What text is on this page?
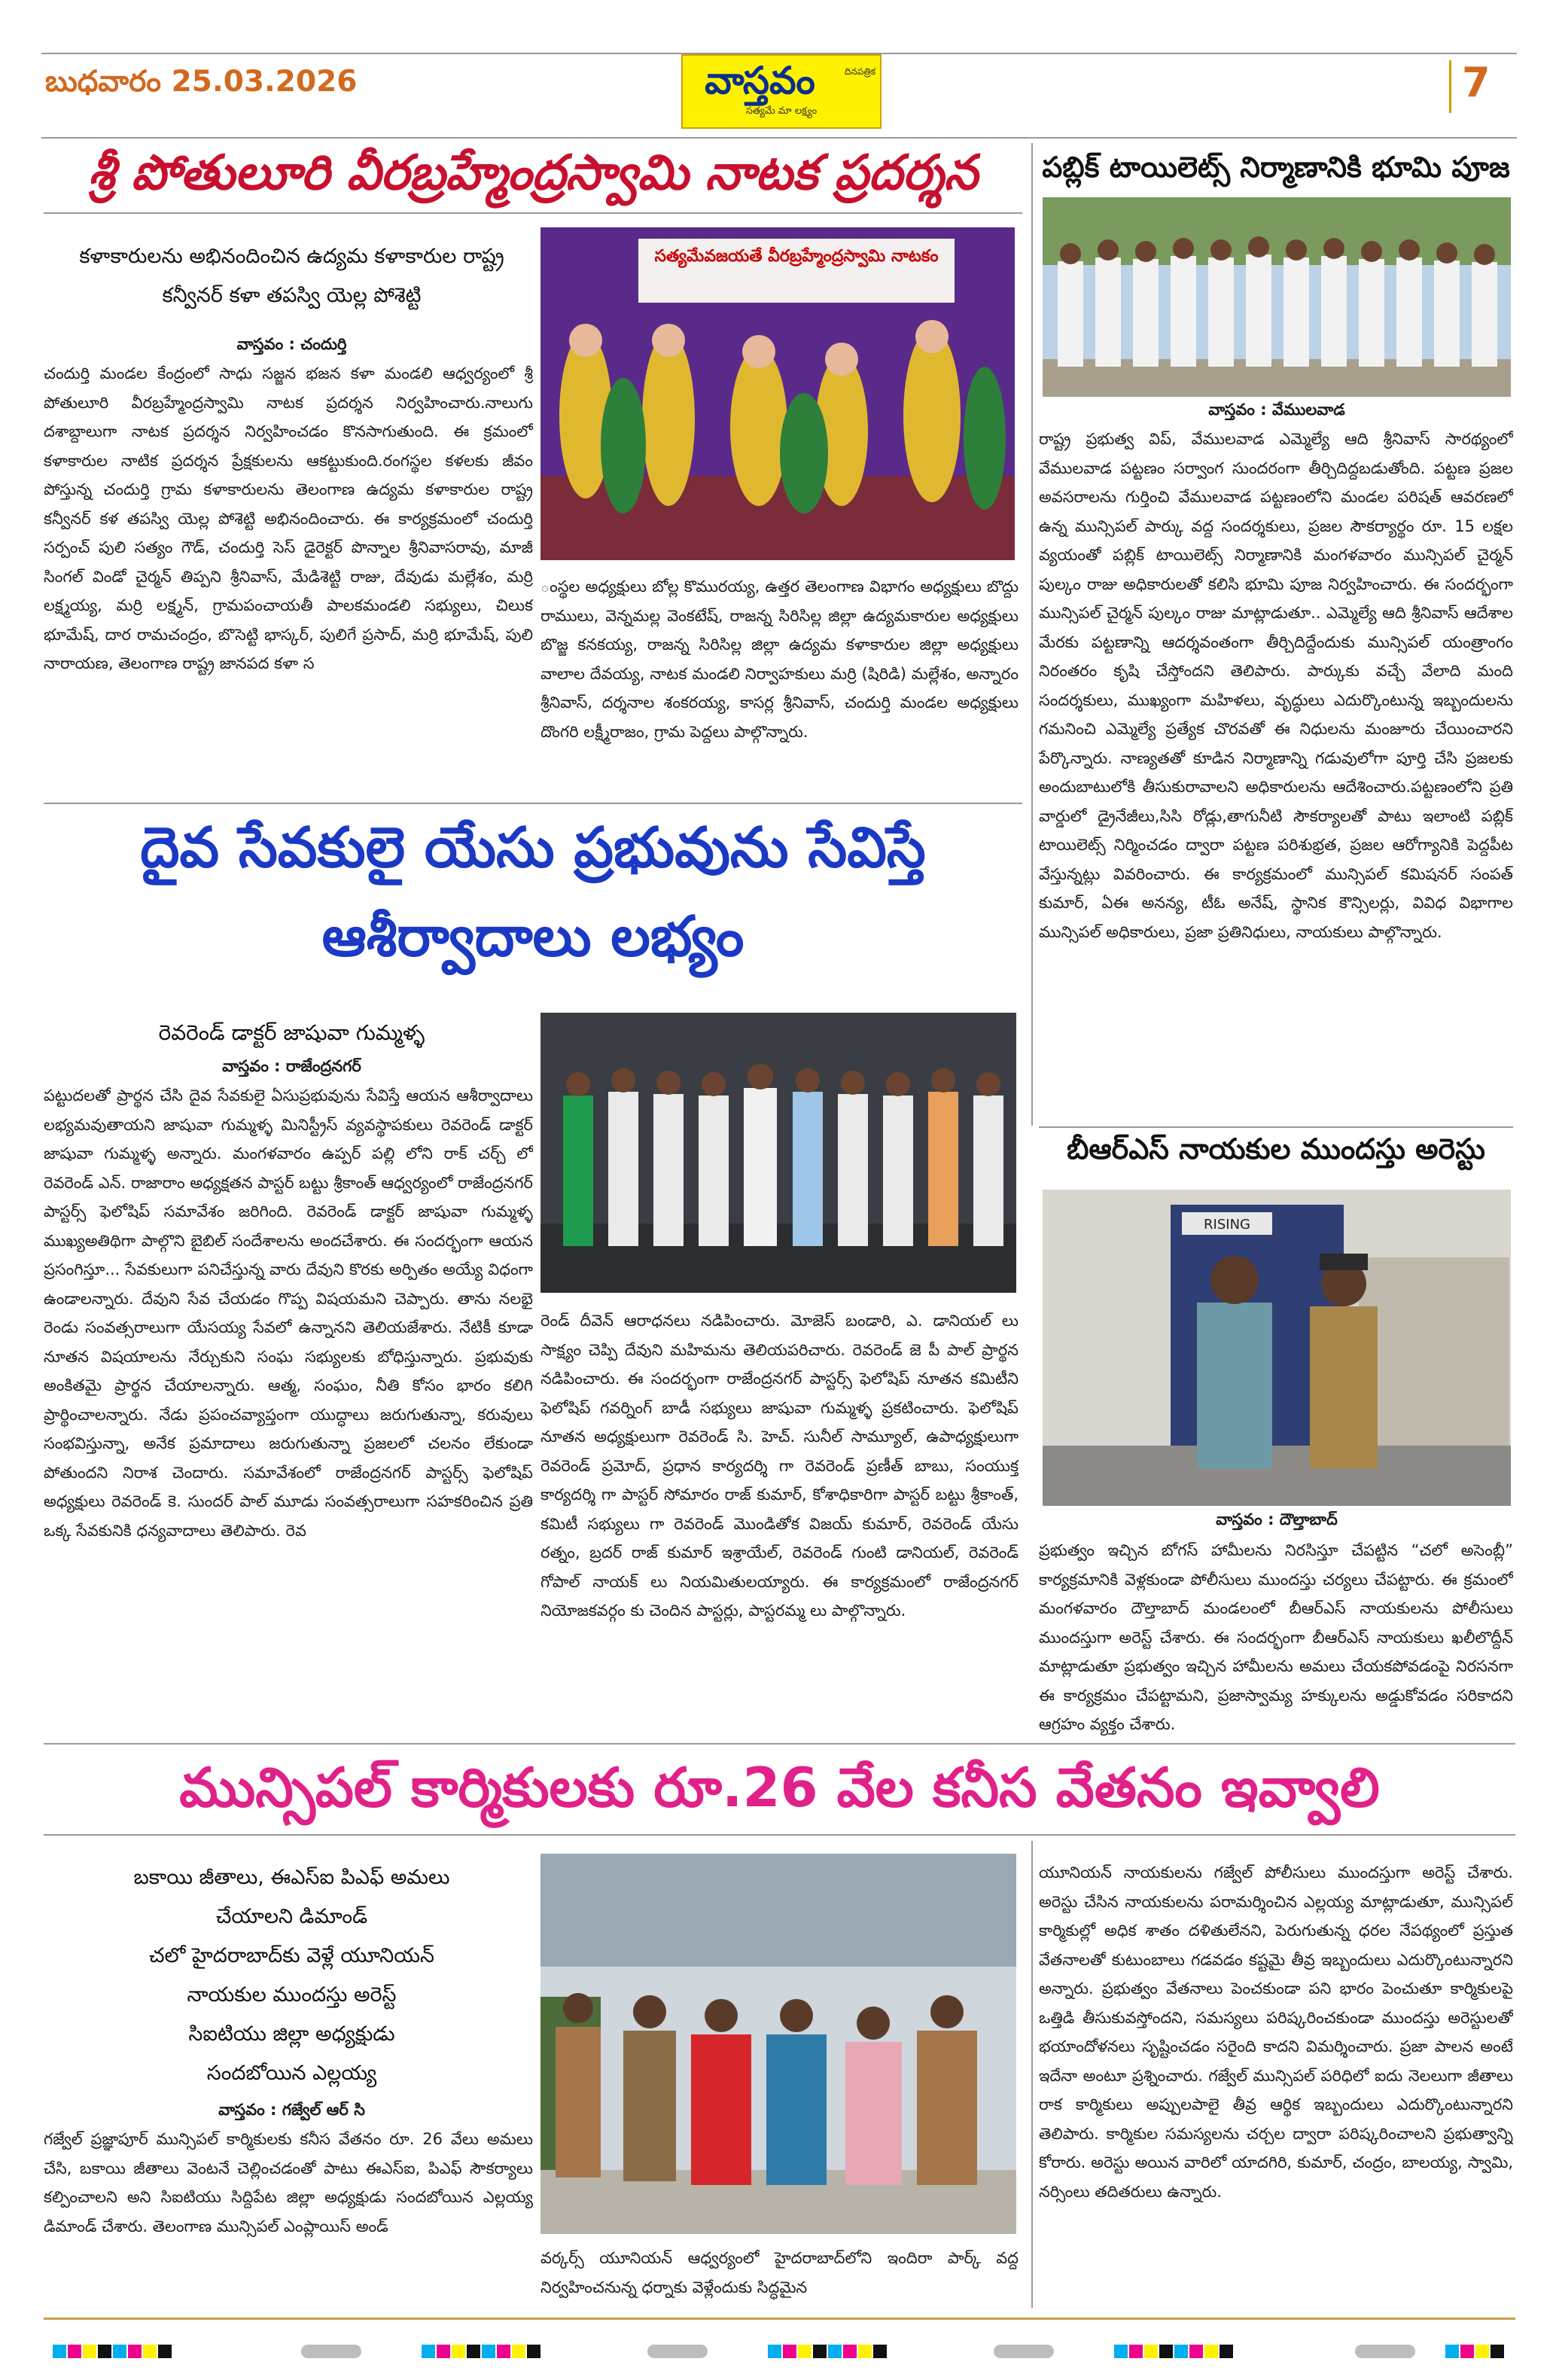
బుధవారం 25.03.2026	వాస్తవం	దినపత్రిక
సత్యమే మా లక్ష్యం
7
శ్రీ పోతులూరి వీరబ్రహ్మేంద్రస్వామి నాటక ప్రదర్శన
కళాకారులను అభినందించిన ఉద్యమ కళాకారుల రాష్ట్ర కన్వీనర్ కళా తపస్వి యెల్ల పోశెట్టి
వాస్తవం : చందుర్తి
చందుర్తి మండల కేంద్రంలో సాధు సజ్జన భజన కళా మండలి ఆధ్వర్యంలో శ్రీ పోతులూరి వీరబ్రహ్మేంద్రస్వామి నాటక ప్రదర్శన నిర్వహించారు.నాలుగు దశాబ్దాలుగా నాటక ప్రదర్శన నిర్వహించడం కొనసాగుతుంది. ఈ క్రమంలో కళాకారుల నాటిక ప్రదర్శన ప్రేక్షకులను ఆకట్టుకుంది.రంగస్థల కళలకు జీవం పోస్తున్న చందుర్తి గ్రామ కళాకారులను తెలంగాణ ఉద్యమ కళాకారుల రాష్ట్ర కన్వీనర్ కళ తపస్వి యెల్ల పోశెట్టి అభినందించారు. ఈ కార్యక్రమంలో చందుర్తి సర్పంచ్ పులి సత్యం గౌడ్, చందుర్తి సెస్ డైరెక్టర్ పొన్నాల శ్రీనివాసరావు, మాజీ సింగల్ విండో చైర్మన్ తిప్పని శ్రీనివాస్, మేడిశెట్టి రాజు, దేవుడు మల్లేశం, మర్రి లక్ష్మయ్య, మర్రి లక్ష్మన్, గ్రామపంచాయతీ పాలకమండలి సభ్యులు, చిలుక భూమేష్, దార రామచంద్రం, బొసెట్టి భాస్కర్, పులిగే ప్రసాద్, మర్రి భూమేష్, పులి నారాయణ, తెలంగాణ రాష్ట్ర జానపద కళా స
సత్యమేవజయతే వీరబ్రహ్మేంద్రస్వామి నాటకం
ంస్థల అధ్యక్షులు బోల్ల కొమురయ్య, ఉత్తర తెలంగాణ విభాగం అధ్యక్షులు బొద్దు రాములు, వెన్నమల్ల వెంకటేష్, రాజన్న సిరిసిల్ల జిల్లా ఉద్యమకారుల అధ్యక్షులు బొజ్జ కనకయ్య, రాజన్న సిరిసిల్ల జిల్లా ఉద్యమ కళాకారుల జిల్లా అధ్యక్షులు వాలాల దేవయ్య, నాటక మండలి నిర్వాహకులు మర్రి (షిరిడి) మల్లేశం, అన్నారం శ్రీనివాస్, దర్శనాల శంకరయ్య, కాసర్ల శ్రీనివాస్, చందుర్తి మండల అధ్యక్షులు దొంగరి లక్ష్మీరాజం, గ్రామ పెద్దలు పాల్గొన్నారు.
పబ్లిక్ టాయిలెట్స్ నిర్మాణానికి భూమి పూజ
వాస్తవం : వేములవాడ
రాష్ట్ర ప్రభుత్వ విప్, వేములవాడ ఎమ్మెల్యే ఆది శ్రీనివాస్ సారథ్యంలో వేములవాడ పట్టణం సర్వాంగ సుందరంగా తీర్చిదిద్దబడుతోంది. పట్టణ ప్రజల అవసరాలను గుర్తించి వేములవాడ పట్టణంలోని మండల పరిషత్ ఆవరణలో ఉన్న మున్సిపల్ పార్కు వద్ద సందర్శకులు, ప్రజల సౌకర్యార్థం రూ. 15 లక్షల వ్యయంతో పబ్లిక్ టాయిలెట్స్ నిర్మాణానికి మంగళవారం మున్సిపల్ చైర్మన్ పుల్కం రాజు అధికారులతో కలిసి భూమి పూజ నిర్వహించారు. ఈ సందర్భంగా మున్సిపల్ చైర్మన్ పుల్కం రాజు మాట్లాడుతూ.. ఎమ్మెల్యే ఆది శ్రీనివాస్ ఆదేశాల మేరకు పట్టణాన్ని ఆదర్శవంతంగా తీర్చిదిద్దేందుకు మున్సిపల్ యంత్రాంగం నిరంతరం కృషి చేస్తోందని తెలిపారు. పార్కుకు వచ్చే వేలాది మంది సందర్శకులు, ముఖ్యంగా మహిళలు, వృద్ధులు ఎదుర్కొంటున్న ఇబ్బందులను గమనించి ఎమ్మెల్యే ప్రత్యేక చొరవతో ఈ నిధులను మంజూరు చేయించారని పేర్కొన్నారు. నాణ్యతతో కూడిన నిర్మాణాన్ని గడువులోగా పూర్తి చేసి ప్రజలకు అందుబాటులోకి తీసుకురావాలని అధికారులను ఆదేశించారు.పట్టణంలోని ప్రతి వార్డులో డ్రైనేజీలు,సిసి రోడ్లు,తాగునీటి సౌకర్యాలతో పాటు ఇలాంటి పబ్లిక్ టాయిలెట్స్ నిర్మించడం ద్వారా పట్టణ పరిశుభ్రత, ప్రజల ఆరోగ్యానికి పెద్దపీట వేస్తున్నట్లు వివరించారు. ఈ కార్యక్రమంలో మున్సిపల్ కమిషనర్ సంపత్ కుమార్, ఏఈ అనన్య, టీఓ అనేష్, స్థానిక కౌన్సిలర్లు, వివిధ విభాగాల మున్సిపల్ అధికారులు, ప్రజా ప్రతినిధులు, నాయకులు పాల్గొన్నారు.
బీఆర్ఎస్ నాయకుల ముందస్తు అరెస్టు
RISING
వాస్తవం : దౌల్తాబాద్
ప్రభుత్వం ఇచ్చిన బోగస్ హామీలను నిరసిస్తూ చేపట్టిన “చలో అసెంబ్లీ” కార్యక్రమానికి వెళ్లకుండా పోలీసులు ముందస్తు చర్యలు చేపట్టారు. ఈ క్రమంలో మంగళవారం దౌల్తాబాద్ మండలంలో బీఆర్ఎస్ నాయకులను పోలీసులు ముందస్తుగా అరెస్ట్ చేశారు. ఈ సందర్భంగా బీఆర్ఎస్ నాయకులు ఖలీలొద్దీన్ మాట్లాడుతూ ప్రభుత్వం ఇచ్చిన హామీలను అమలు చేయకపోవడంపై నిరసనగా ఈ కార్యక్రమం చేపట్టామని, ప్రజాస్వామ్య హక్కులను అడ్డుకోవడం సరికాదని ఆగ్రహం వ్యక్తం చేశారు.
దైవ సేవకులై యేసు ప్రభువును సేవిస్తే
ఆశీర్వాదాలు లభ్యం
రెవరెండ్ డాక్టర్ జాషువా గుమ్మళ్ళ
వాస్తవం : రాజేంద్రనగర్
పట్టుదలతో ప్రార్థన చేసి దైవ సేవకులై ఏసుప్రభువును సేవిస్తే ఆయన ఆశీర్వాదాలు లభ్యమవుతాయని జాషువా గుమ్మళ్ళ మినిస్ట్రీస్ వ్యవస్థాపకులు రెవరెండ్ డాక్టర్ జాషువా గుమ్మళ్ళ అన్నారు. మంగళవారం ఉప్పర్ పల్లి లోని రాక్ చర్చ్ లో రెవరెండ్ ఎన్. రాజారాం అధ్యక్షతన పాస్టర్ బట్టు శ్రీకాంత్ ఆధ్వర్యంలో రాజేంద్రనగర్ పాస్టర్స్ ఫెలోషిప్ సమావేశం జరిగింది. రెవరెండ్ డాక్టర్ జాషువా గుమ్మళ్ళ ముఖ్యఅతిథిగా పాల్గొని బైబిల్ సందేశాలను అందచేశారు. ఈ సందర్భంగా ఆయన ప్రసంగిస్తూ... సేవకులుగా పనిచేస్తున్న వారు దేవుని కొరకు అర్పితం అయ్యే విధంగా ఉండాలన్నారు. దేవుని సేవ చేయడం గొప్ప విషయమని చెప్పారు. తాను నలభై రెండు సంవత్సరాలుగా యేసయ్య సేవలో ఉన్నానని తెలియజేశారు. నేటికీ కూడా నూతన విషయాలను నేర్చుకుని సంఘ సభ్యులకు బోధిస్తున్నారు. ప్రభువుకు అంకితమై ప్రార్థన చేయాలన్నారు. ఆత్మ, సంఘం, నీతి కోసం భారం కలిగి ప్రార్థించాలన్నారు. నేడు ప్రపంచవ్యాప్తంగా యుద్ధాలు జరుగుతున్నా, కరువులు సంభవిస్తున్నా, అనేక ప్రమాదాలు జరుగుతున్నా ప్రజలలో చలనం లేకుండా పోతుందని నిరాశ చెందారు. సమావేశంలో రాజేంద్రనగర్ పాస్టర్స్ ఫెలోషిప్ అధ్యక్షులు రెవరెండ్ కె. సుందర్ పాల్ మూడు సంవత్సరాలుగా సహకరించిన ప్రతి ఒక్క సేవకునికి ధన్యవాదాలు తెలిపారు. రెవ
రెండ్ దీవెన్ ఆరాధనలు నడిపించారు. మోజెస్ బండారి, ఎ. డానియల్ లు సాక్ష్యం చెప్పి దేవుని మహిమను తెలియపరిచారు. రెవరెండ్ జె పీ పాల్ ప్రార్థన నడిపించారు. ఈ సందర్భంగా రాజేంద్రనగర్ పాస్టర్స్ ఫెలోషిప్ నూతన కమిటీని ఫెలోషిప్ గవర్నింగ్ బాడీ సభ్యులు జాషువా గుమ్మళ్ళ ప్రకటించారు. ఫెలోషిప్ నూతన అధ్యక్షులుగా రెవరెండ్ సి. హెచ్. సునీల్ సామ్యూల్, ఉపాధ్యక్షులుగా రెవరెండ్ ప్రమోద్, ప్రధాన కార్యదర్శి గా రెవరెండ్ ప్రణీత్ బాబు, సంయుక్త కార్యదర్శి గా పాస్టర్ సోమారం రాజ్ కుమార్, కోశాధికారిగా పాస్టర్ బట్టు శ్రీకాంత్, కమిటీ సభ్యులు గా రెవరెండ్ మొండితోక విజయ్ కుమార్, రెవరెండ్ యేసు రత్నం, బ్రదర్ రాజ్ కుమార్ ఇశ్రాయేల్, రెవరెండ్ గుంటి డానియల్, రెవరెండ్ గోపాల్ నాయక్ లు నియమితులయ్యారు. ఈ కార్యక్రమంలో రాజేంద్రనగర్ నియోజకవర్గం కు చెందిన పాస్టర్లు, పాస్టరమ్మ లు పాల్గొన్నారు.
మున్సిపల్ కార్మికులకు రూ.26 వేల కనీస వేతనం ఇవ్వాలి
బకాయి జీతాలు, ఈఎస్ఐ పిఎఫ్ అమలు
చేయాలని డిమాండ్
చలో హైదరాబాద్‌కు వెళ్లే యూనియన్
నాయకుల ముందస్తు అరెస్ట్
సిఐటియు జిల్లా అధ్యక్షుడు
సందబోయిన ఎల్లయ్య
వాస్తవం : గజ్వేల్ ఆర్ సి
గజ్వేల్ ప్రజ్ఞాపూర్ మున్సిపల్ కార్మికులకు కనీస వేతనం రూ. 26 వేలు అమలు చేసి, బకాయి జీతాలు వెంటనే చెల్లించడంతో పాటు ఈఎస్ఐ, పిఎఫ్ సౌకర్యాలు కల్పించాలని అని సిఐటియు సిద్దిపేట జిల్లా అధ్యక్షుడు సందబోయిన ఎల్లయ్య డిమాండ్ చేశారు. తెలంగాణ మున్సిపల్ ఎంప్లాయిస్ అండ్
వర్కర్స్ యూనియన్ ఆధ్వర్యంలో హైదరాబాద్‌లోని ఇందిరా పార్క్ వద్ద నిర్వహించనున్న ధర్నాకు వెళ్లేందుకు సిద్ధమైన
యూనియన్ నాయకులను గజ్వేల్ పోలీసులు ముందస్తుగా అరెస్ట్ చేశారు. అరెస్టు చేసిన నాయకులను పరామర్శించిన ఎల్లయ్య మాట్లాడుతూ, మున్సిపల్ కార్మికుల్లో అధిక శాతం దళితులేనని, పెరుగుతున్న ధరల నేపథ్యంలో ప్రస్తుత వేతనాలతో కుటుంబాలు గడవడం కష్టమై తీవ్ర ఇబ్బందులు ఎదుర్కొంటున్నారని అన్నారు. ప్రభుత్వం వేతనాలు పెంచకుండా పని భారం పెంచుతూ కార్మికులపై ఒత్తిడి తీసుకువస్తోందని, సమస్యలు పరిష్కరించకుండా ముందస్తు అరెస్టులతో భయాందోళనలు సృష్టించడం సరైంది కాదని విమర్శించారు. ప్రజా పాలన అంటే ఇదేనా అంటూ ప్రశ్నించారు. గజ్వేల్ మున్సిపల్ పరిధిలో ఐదు నెలలుగా జీతాలు రాక కార్మికులు అప్పులపాలై తీవ్ర ఆర్థిక ఇబ్బందులు ఎదుర్కొంటున్నారని తెలిపారు. కార్మికుల సమస్యలను చర్చల ద్వారా పరిష్కరించాలని ప్రభుత్వాన్ని కోరారు. అరెస్టు అయిన వారిలో యాదగిరి, కుమార్, చంద్రం, బాలయ్య, స్వామి, నర్సింలు తదితరులు ఉన్నారు.
